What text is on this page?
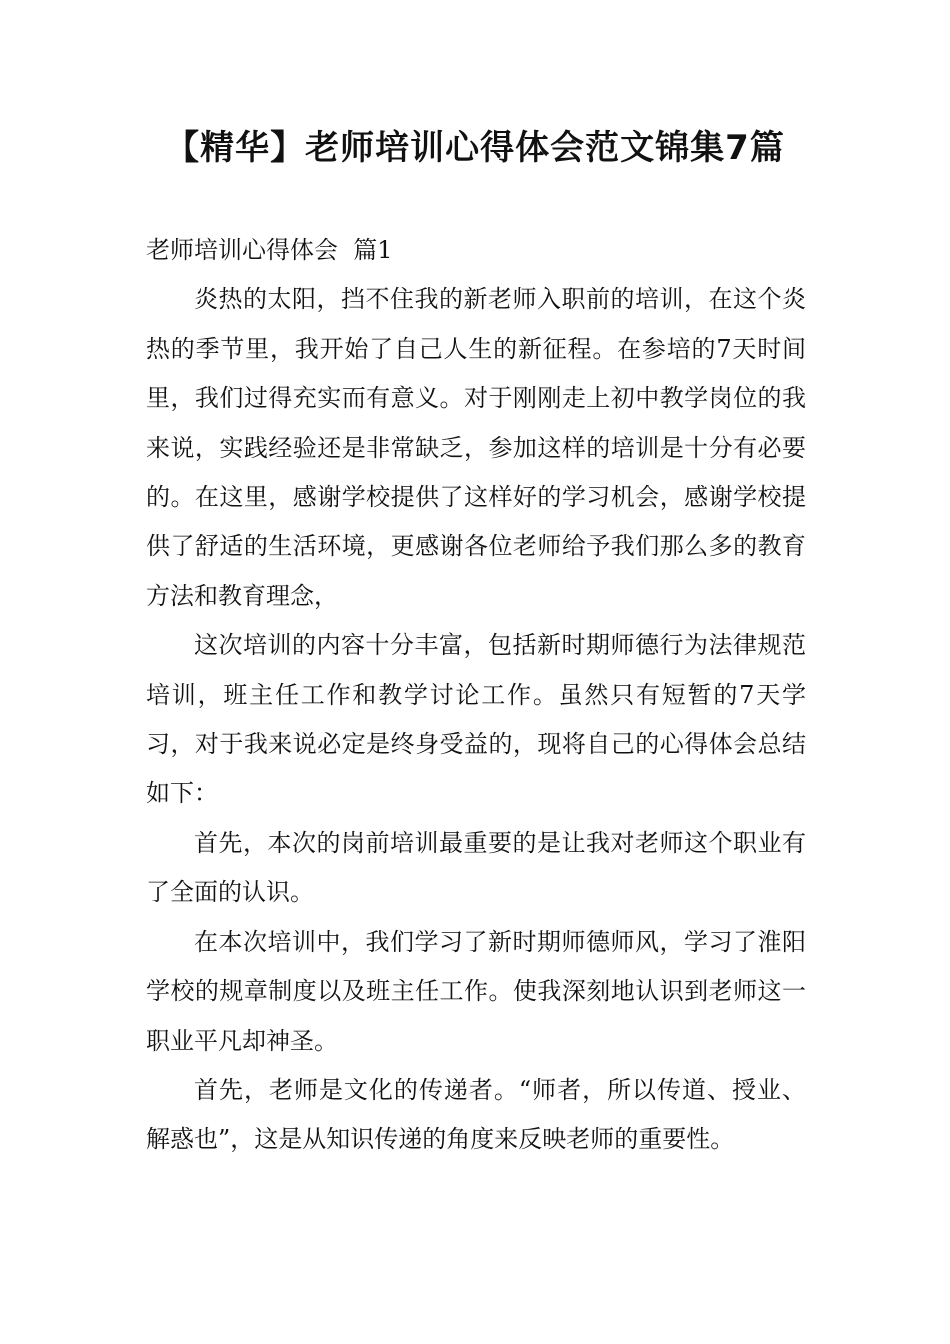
【精华】老师培训心得体会范文锦集7篇

老师培训心得体会  篇1

炎热的太阳，挡不住我的新老师入职前的培训，在这个炎热的季节里，我开始了自己人生的新征程。在参培的7天时间里，我们过得充实而有意义。对于刚刚走上初中教学岗位的我来说，实践经验还是非常缺乏，参加这样的培训是十分有必要的。在这里，感谢学校提供了这样好的学习机会，感谢学校提供了舒适的生活环境，更感谢各位老师给予我们那么多的教育方法和教育理念，

这次培训的内容十分丰富，包括新时期师德行为法律规范培训，班主任工作和教学讨论工作。虽然只有短暂的7天学习，对于我来说必定是终身受益的，现将自己的心得体会总结如下：

首先，本次的岗前培训最重要的是让我对老师这个职业有了全面的认识。

在本次培训中，我们学习了新时期师德师风，学习了淮阳学校的规章制度以及班主任工作。使我深刻地认识到老师这一职业平凡却神圣。

首先，老师是文化的传递者。“师者，所以传道、授业、解惑也”，这是从知识传递的角度来反映老师的重要性。
